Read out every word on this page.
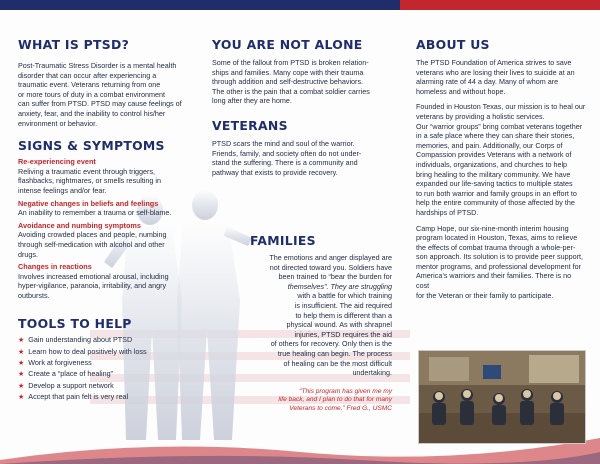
WHAT IS PTSD?

Post-Traumatic Stress Disorder is a mental health
disorder that can occur after experiencing a
traumatic event. Veterans returning from one
or more tours of duty in a combat environment
can suffer from PTSD. PTSD may cause feelings of
anxiety, fear, and the inability to control his/her
environment or behavior.

SIGNS & SYMPTOMS
Re-experiencing event

Reliving a traumatic event through triggers,
flashbacks, nightmares, or smells resulting in
intense feelings and/or fear.

Negative changes in beliefs and feelings

An inability to remember a trauma or self-blame.

Avoidance and numbing symptoms

Avoiding crowded places and people, numbing
through self-medication with alcohol and other
drugs.

Changes in reactions

Involves increased emotional arousal, including
hyper-vigilance, paranoia, irritability, and angry
outbursts.

TOOLS TO HELP
★ Gain understanding about PTSD
★ Learn how to deal positively with loss
★ Work at forgiveness
★ Create a “place of healing”
★ Develop a support network
★ Accept that pain felt is very real
YOU ARE NOT ALONE

Some of the fallout from PTSD is broken relation-
ships and families. Many cope with their trauma
through addition and self-destructive behaviors.
The other is the pain that a combat soldier carries
long after they are home.

VETERANS

PTSD scars the mind and soul of the warrior.
Friends, family, and society often do not under-
stand the suffering. There is a community and
pathway that exists to provide recovery.

FAMILIES

The emotions and anger displayed are
not directed toward you. Soldiers have
been trained to “bear the burden for
themselves”. They are struggling
with a battle for which training
is insufficient. The aid required
to help them is different than a
physical wound. As with shrapnel
injuries, PTSD requires the aid
of others for recovery. Only then is the
true healing can begin. The process
of healing can be the most difficult
undertaking.

“This program has given me my
life back, and I plan to do that for many
Veterans to come.” Fred G., USMC
ABOUT US

The PTSD Foundation of America strives to save
veterans who are losing their lives to suicide at an
alarming rate of 44 a day. Many of whom are
homeless and without hope.

Founded in Houston Texas, our mission is to heal our
veterans by providing a holistic services.
Our “warrior groups” bring combat veterans together
in a safe place where they can share their stories,
memories, and pain. Additionally, our Corps of
Compassion provides Veterans with a network of
individuals, organizations, and churches to help
bring healing to the military community. We have
expanded our life-saving tactics to multiple states
to run both warrior and family groups in an effort to
help the entire community of those affected by the
hardships of PTSD.

Camp Hope, our six-nine-month interim housing
program located in Houston, Texas, aims to relieve
the effects of combat trauma through a whole-per-
son approach. Its solution is to provide peer support,
mentor programs, and professional development for
America’s warriors and their families. There is no cost
for the Veteran or their family to participate.
